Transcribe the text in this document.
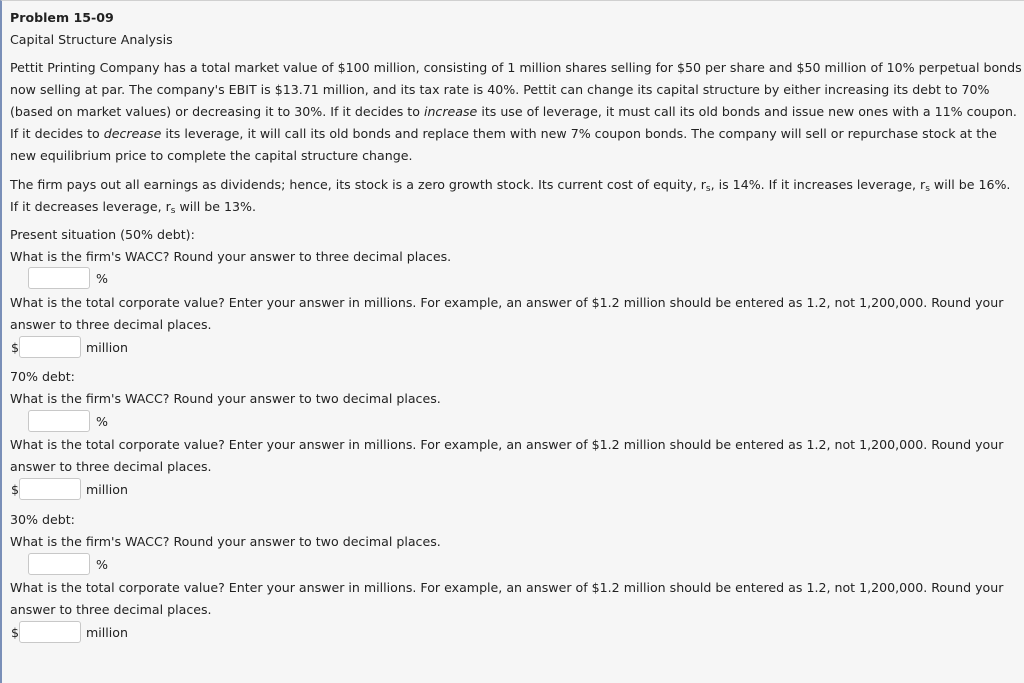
Problem 15-09
Capital Structure Analysis
Pettit Printing Company has a total market value of $100 million, consisting of 1 million shares selling for $50 per share and $50 million of 10% perpetual bonds
now selling at par. The company's EBIT is $13.71 million, and its tax rate is 40%. Pettit can change its capital structure by either increasing its debt to 70%
(based on market values) or decreasing it to 30%. If it decides to increase its use of leverage, it must call its old bonds and issue new ones with a 11% coupon.
If it decides to decrease its leverage, it will call its old bonds and replace them with new 7% coupon bonds. The company will sell or repurchase stock at the
new equilibrium price to complete the capital structure change.
The firm pays out all earnings as dividends; hence, its stock is a zero growth stock. Its current cost of equity, $r_s$, is 14%. If it increases leverage, $r_s$ will be 16%.
If it decreases leverage, $r_s$ will be 13%.
Present situation (50% debt):
What is the firm's WACC? Round your answer to three decimal places.
%
What is the total corporate value? Enter your answer in millions. For example, an answer of $1.2 million should be entered as 1.2, not 1,200,000. Round your
answer to three decimal places.
$	million
70% debt:
What is the firm's WACC? Round your answer to two decimal places.
%
What is the total corporate value? Enter your answer in millions. For example, an answer of $1.2 million should be entered as 1.2, not 1,200,000. Round your
answer to three decimal places.
$	million
30% debt:
What is the firm's WACC? Round your answer to two decimal places.
%
What is the total corporate value? Enter your answer in millions. For example, an answer of $1.2 million should be entered as 1.2, not 1,200,000. Round your
answer to three decimal places.
$	million
